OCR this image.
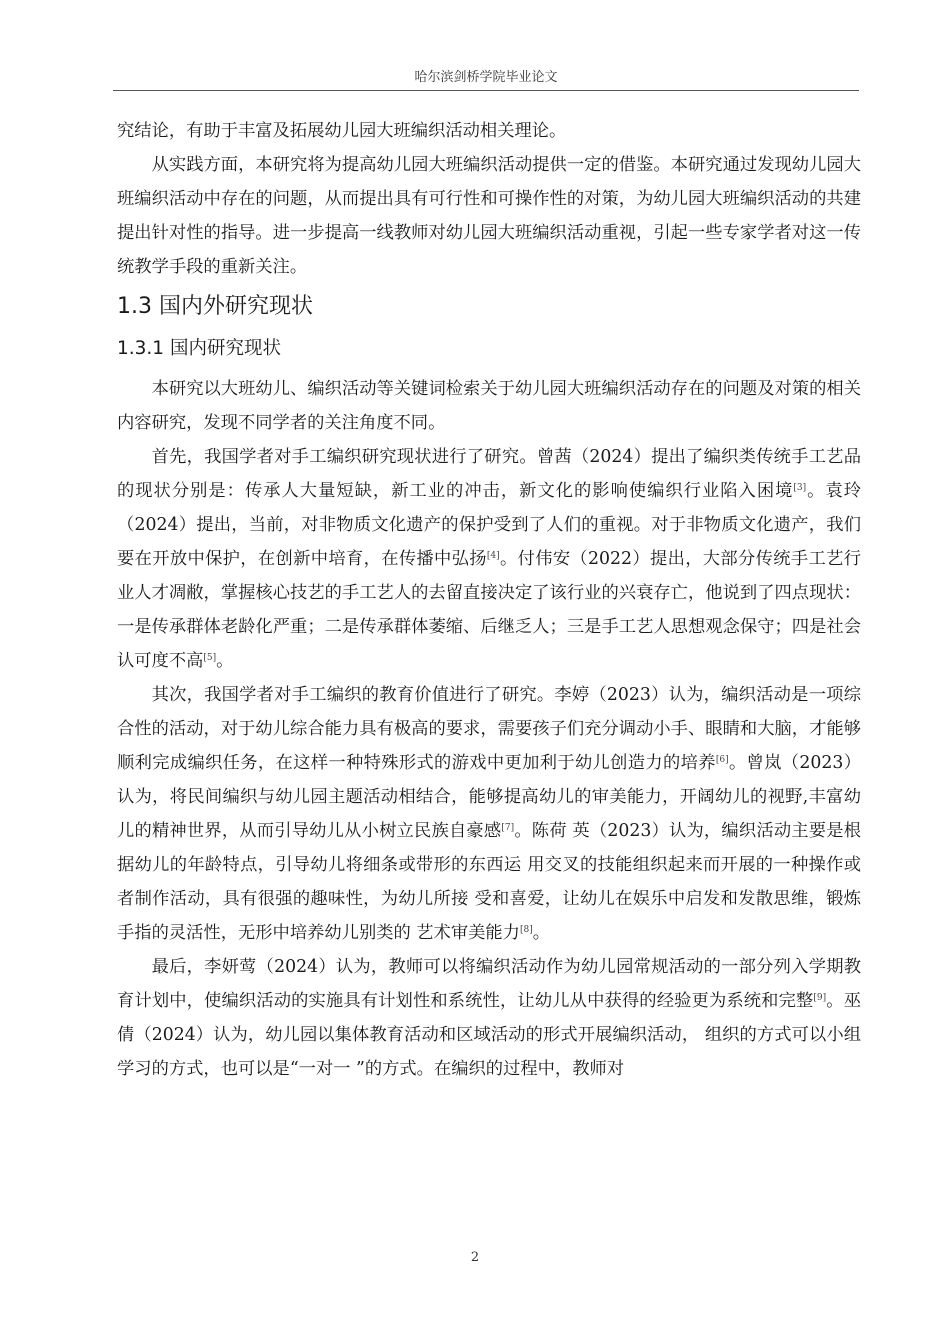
哈尔滨剑桥学院毕业论文

究结论，有助于丰富及拓展幼儿园大班编织活动相关理论。

从实践方面，本研究将为提高幼儿园大班编织活动提供一定的借鉴。本研究通过发现幼儿园大班编织活动中存在的问题，从而提出具有可行性和可操作性的对策，为幼儿园大班编织活动的共建提出针对性的指导。进一步提高一线教师对幼儿园大班编织活动重视，引起一些专家学者对这一传统教学手段的重新关注。

1.3 国内外研究现状

1.3.1 国内研究现状

本研究以大班幼儿、编织活动等关键词检索关于幼儿园大班编织活动存在的问题及对策的相关内容研究，发现不同学者的关注角度不同。

首先，我国学者对手工编织研究现状进行了研究。曾茜（2024）提出了编织类传统手工艺品的现状分别是：传承人大量短缺，新工业的冲击，新文化的影响使编织行业陷入困境[3]。袁玲（2024）提出，当前，对非物质文化遗产的保护受到了人们的重视。对于非物质文化遗产，我们要在开放中保护，在创新中培育，在传播中弘扬[4]。付伟安（2022）提出，大部分传统手工艺行业人才凋敝，掌握核心技艺的手工艺人的去留直接决定了该行业的兴衰存亡，他说到了四点现状：一是传承群体老龄化严重；二是传承群体萎缩、后继乏人；三是手工艺人思想观念保守；四是社会认可度不高[5]。

其次，我国学者对手工编织的教育价值进行了研究。李婷（2023）认为，编织活动是一项综合性的活动，对于幼儿综合能力具有极高的要求，需要孩子们充分调动小手、眼睛和大脑，才能够顺利完成编织任务，在这样一种特殊形式的游戏中更加利于幼儿创造力的培养[6]。曾岚（2023）认为，将民间编织与幼儿园主题活动相结合，能够提高幼儿的审美能力，开阔幼儿的视野,丰富幼儿的精神世界，从而引导幼儿从小树立民族自豪感[7]。陈荷 英（2023）认为，编织活动主要是根据幼儿的年龄特点，引导幼儿将细条或带形的东西运 用交叉的技能组织起来而开展的一种操作或者制作活动，具有很强的趣味性，为幼儿所接 受和喜爱，让幼儿在娱乐中启发和发散思维，锻炼手指的灵活性，无形中培养幼儿别类的 艺术审美能力[8]。

最后，李妍莺（2024）认为，教师可以将编织活动作为幼儿园常规活动的一部分列入学期教育计划中，使编织活动的实施具有计划性和系统性，让幼儿从中获得的经验更为系统和完整[9]。巫倩（2024）认为，幼儿园以集体教育活动和区域活动的形式开展编织活动， 组织的方式可以小组学习的方式，也可以是“一对一 ”的方式。在编织的过程中，教师对

2
